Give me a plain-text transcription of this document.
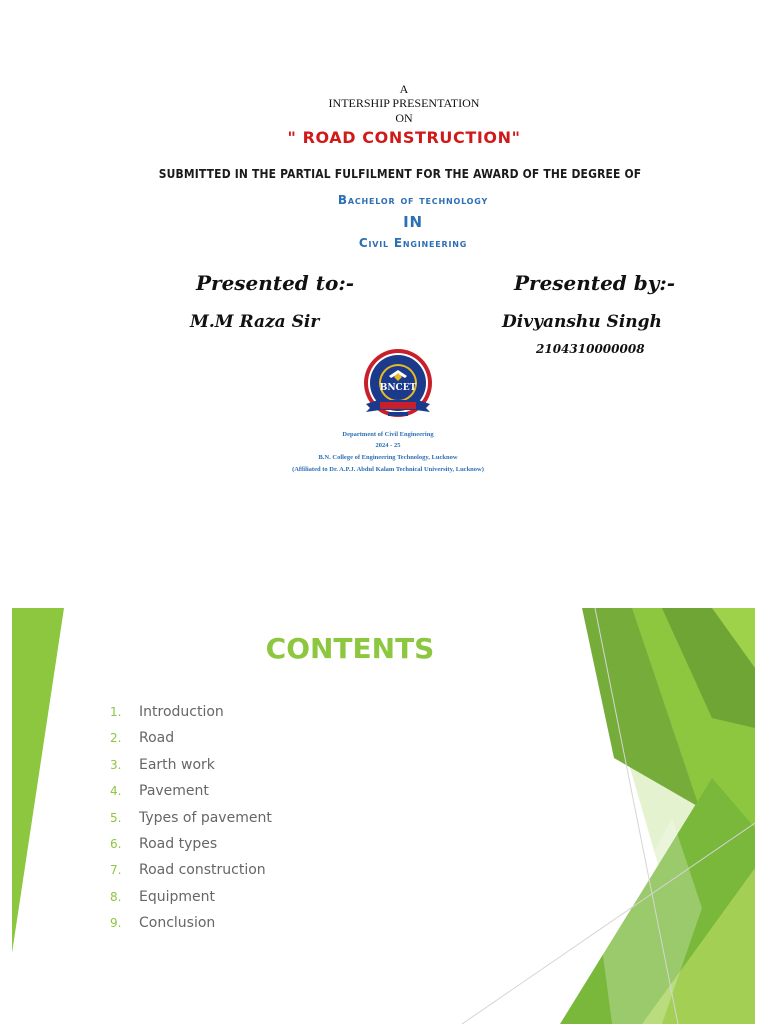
A
INTERSHIP PRESENTATION
ON
" ROAD CONSTRUCTION"
SUBMITTED IN THE PARTIAL FULFILMENT FOR THE AWARD OF THE DEGREE OF
Bachelor of technology
IN
Civil Engineering
Presented to:-
M.M Raza Sir
Presented by:-
Divyanshu Singh
2104310000008
BNCET
Department of Civil Engineering
2024 - 25
B.N. College of Engineering Technology, Lucknow
(Affiliated to Dr. A.P.J. Abdul Kalam Technical University, Lucknow)
CONTENTS
1. Introduction
2. Road
3. Earth work
4. Pavement
5. Types of pavement
6. Road types
7. Road construction
8. Equipment
9. Conclusion
